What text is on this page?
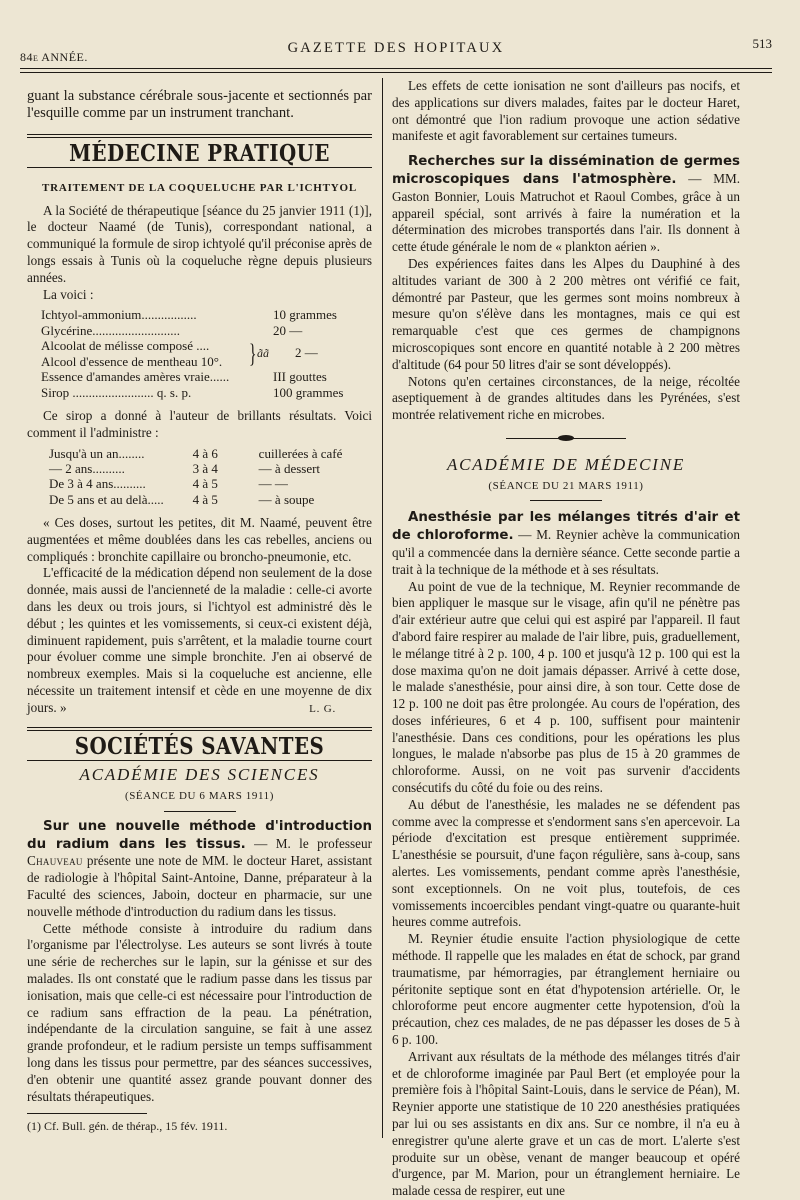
84e ANNÉE.
GAZETTE DES HOPITAUX	513

guant la substance cérébrale sous-jacente et sectionnés par l'esquille comme par un instrument tranchant.

MÉDECINE PRATIQUE
TRAITEMENT DE LA COQUELUCHE PAR L'ICHTYOL

A la Société de thérapeutique [séance du 25 janvier 1911 (1)], le docteur Naamé (de Tunis), correspondant national, a communiqué la formule de sirop ichtyolé qu'il préconise après de longs essais à Tunis où la coqueluche règne depuis plusieurs années.

La voici :

Ichtyol-ammonium.................	10 grammes
Glycérine...........................	20 —
Alcoolat de mélisse composé ....
Alcool d'essence de mentheau 10°.	} ãã	2 —
Essence d'amandes amères vraie......	III gouttes
Sirop ......................... q. s. p.	100 grammes

Ce sirop a donné à l'auteur de brillants résultats. Voici comment il l'administre :

Jusqu'à un an........	4 à 6	cuillerées à café
— 2 ans..........	3 à 4	— à dessert
De 3 à 4 ans..........	4 à 5	— —
De 5 ans et au delà.....	4 à 5	— à soupe

« Ces doses, surtout les petites, dit M. Naamé, peuvent être augmentées et même doublées dans les cas rebelles, anciens ou compliqués : bronchite capillaire ou broncho-pneumonie, etc.

L'efficacité de la médication dépend non seulement de la dose donnée, mais aussi de l'ancienneté de la maladie : celle-ci avorte dans les deux ou trois jours, si l'ichtyol est administré dès le début ; les quintes et les vomissements, si ceux-ci existent déjà, diminuent rapidement, puis s'arrêtent, et la maladie tourne court pour évoluer comme une simple bronchite. J'en ai observé de nombreux exemples. Mais si la coqueluche est ancienne, elle nécessite un traitement intensif et cède en une moyenne de dix jours. »	L. G.
SOCIÉTÉS SAVANTES
ACADÉMIE DES SCIENCES
(SÉANCE DU 6 MARS 1911)

Sur une nouvelle méthode d'introduction du radium dans les tissus. — M. le professeur Chauveau présente une note de MM. le docteur Haret, assistant de radiologie à l'hôpital Saint-Antoine, Danne, préparateur à la Faculté des sciences, Jaboin, docteur en pharmacie, sur une nouvelle méthode d'introduction du radium dans les tissus.

Cette méthode consiste à introduire du radium dans l'organisme par l'électrolyse. Les auteurs se sont livrés à toute une série de recherches sur le lapin, sur la génisse et sur des malades. Ils ont constaté que le radium passe dans les tissus par ionisation, mais que celle-ci est nécessaire pour l'introduction de ce radium sans effraction de la peau. La pénétration, indépendante de la circulation sanguine, se fait à une assez grande profondeur, et le radium persiste un temps suffisamment long dans les tissus pour permettre, par des séances successives, d'en obtenir une quantité assez grande pouvant donner des résultats thérapeutiques.

(1) Cf. Bull. gén. de thérap., 15 fév. 1911.

Les effets de cette ionisation ne sont d'ailleurs pas nocifs, et des applications sur divers malades, faites par le docteur Haret, ont démontré que l'ion radium provoque une action sédative manifeste et agit favorablement sur certaines tumeurs.

Recherches sur la dissémination de germes microscopiques dans l'atmosphère. — MM. Gaston Bonnier, Louis Matruchot et Raoul Combes, grâce à un appareil spécial, sont arrivés à faire la numération et la détermination des microbes transportés dans l'air. Ils donnent à cette étude générale le nom de « plankton aérien ».

Des expériences faites dans les Alpes du Dauphiné à des altitudes variant de 300 à 2 200 mètres ont vérifié ce fait, démontré par Pasteur, que les germes sont moins nombreux à mesure qu'on s'élève dans les montagnes, mais ce qui est remarquable c'est que ces germes de champignons microscopiques sont encore en quantité notable à 2 200 mètres d'altitude (64 pour 50 litres d'air se sont développés).

Notons qu'en certaines circonstances, de la neige, récoltée aseptiquement à de grandes altitudes dans les Pyrénées, s'est montrée relativement riche en microbes.

ACADÉMIE DE MÉDECINE
(SÉANCE DU 21 MARS 1911)

Anesthésie par les mélanges titrés d'air et de chloroforme. — M. Reynier achève la communication qu'il a commencée dans la dernière séance. Cette seconde partie a trait à la technique de la méthode et à ses résultats.

Au point de vue de la technique, M. Reynier recommande de bien appliquer le masque sur le visage, afin qu'il ne pénètre pas d'air extérieur autre que celui qui est aspiré par l'appareil. Il faut d'abord faire respirer au malade de l'air libre, puis, graduellement, le mélange titré à 2 p. 100, 4 p. 100 et jusqu'à 12 p. 100 qui est la dose maxima qu'on ne doit jamais dépasser. Arrivé à cette dose, le malade s'anesthésie, pour ainsi dire, à son tour. Cette dose de 12 p. 100 ne doit pas être prolongée. Au cours de l'opération, des doses inférieures, 6 et 4 p. 100, suffisent pour maintenir l'anesthésie. Dans ces conditions, pour les opérations les plus longues, le malade n'absorbe pas plus de 15 à 20 grammes de chloroforme. Aussi, on ne voit pas survenir d'accidents consécutifs du côté du foie ou des reins.

Au début de l'anesthésie, les malades ne se défendent pas comme avec la compresse et s'endorment sans s'en apercevoir. La période d'excitation est presque entièrement supprimée. L'anesthésie se poursuit, d'une façon régulière, sans à-coup, sans alertes. Les vomissements, pendant comme après l'anesthésie, sont exceptionnels. On ne voit plus, toutefois, de ces vomissements incoercibles pendant vingt-quatre ou quarante-huit heures comme autrefois.

M. Reynier étudie ensuite l'action physiologique de cette méthode. Il rappelle que les malades en état de schock, par grand traumatisme, par hémorragies, par étranglement herniaire ou péritonite septique sont en état d'hypotension artérielle. Or, le chloroforme peut encore augmenter cette hypotension, d'où la précaution, chez ces malades, de ne pas dépasser les doses de 5 à 6 p. 100.

Arrivant aux résultats de la méthode des mélanges titrés d'air et de chloroforme imaginée par Paul Bert (et employée pour la première fois à l'hôpital Saint-Louis, dans le service de Péan), M. Reynier apporte une statistique de 10 220 anesthésies pratiquées par lui ou ses assistants en dix ans. Sur ce nombre, il n'a eu à enregistrer qu'une alerte grave et un cas de mort. L'alerte s'est produite sur un obèse, venant de manger beaucoup et opéré d'urgence, par M. Marion, pour un étranglement herniaire. Le malade cessa de respirer, eut une
